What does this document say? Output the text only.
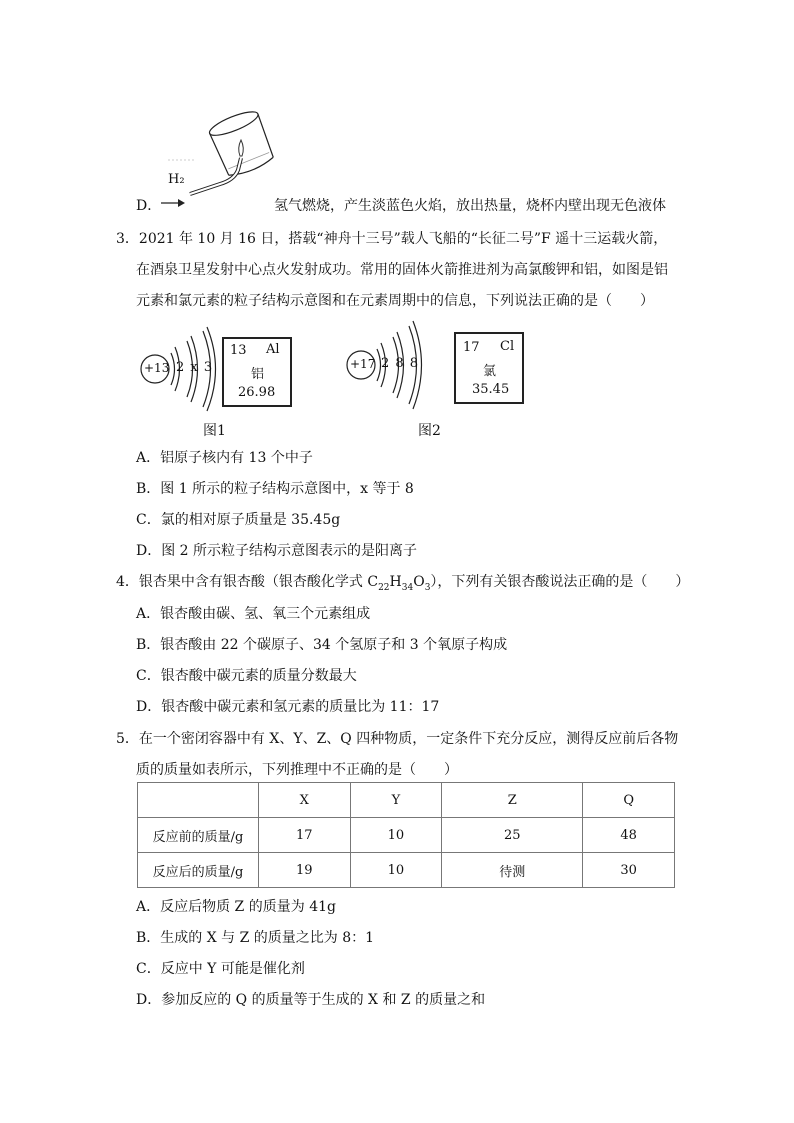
H₂
D．	氢气燃烧，产生淡蓝色火焰，放出热量，烧杯内壁出现无色液体
3．2021 年 10 月 16 日，搭载“神舟十三号”载人飞船的“长征二号”F 遥十三运载火箭，
在酒泉卫星发射中心点火发射成功。常用的固体火箭推进剂为高氯酸钾和铝，如图是铝
元素和氯元素的粒子结构示意图和在元素周期中的信息，下列说法正确的是（　　）
+13 2 x 3
13 Al
铝
26.98
图1
+17 2 8 8
17 Cl
氯
35.45
图2
A．铝原子核内有 13 个中子
B．图 1 所示的粒子结构示意图中，x 等于 8
C．氯的相对原子质量是 35.45g
D．图 2 所示粒子结构示意图表示的是阳离子
4．银杏果中含有银杏酸（银杏酸化学式 $C_{22}H_{34}O_3$），下列有关银杏酸说法正确的是（　　）
A．银杏酸由碳、氢、氧三个元素组成
B．银杏酸由 22 个碳原子、34 个氢原子和 3 个氧原子构成
C．银杏酸中碳元素的质量分数最大
D．银杏酸中碳元素和氢元素的质量比为 11：17
5．在一个密闭容器中有 X、Y、Z、Q 四种物质，一定条件下充分反应，测得反应前后各物
质的质量如表所示，下列推理中不正确的是（　　）
	X	Y	Z	Q
反应前的质量/g	17	10	25	48
反应后的质量/g	19	10	待测	30
A．反应后物质 Z 的质量为 41g
B．生成的 X 与 Z 的质量之比为 8：1
C．反应中 Y 可能是催化剂
D．参加反应的 Q 的质量等于生成的 X 和 Z 的质量之和
